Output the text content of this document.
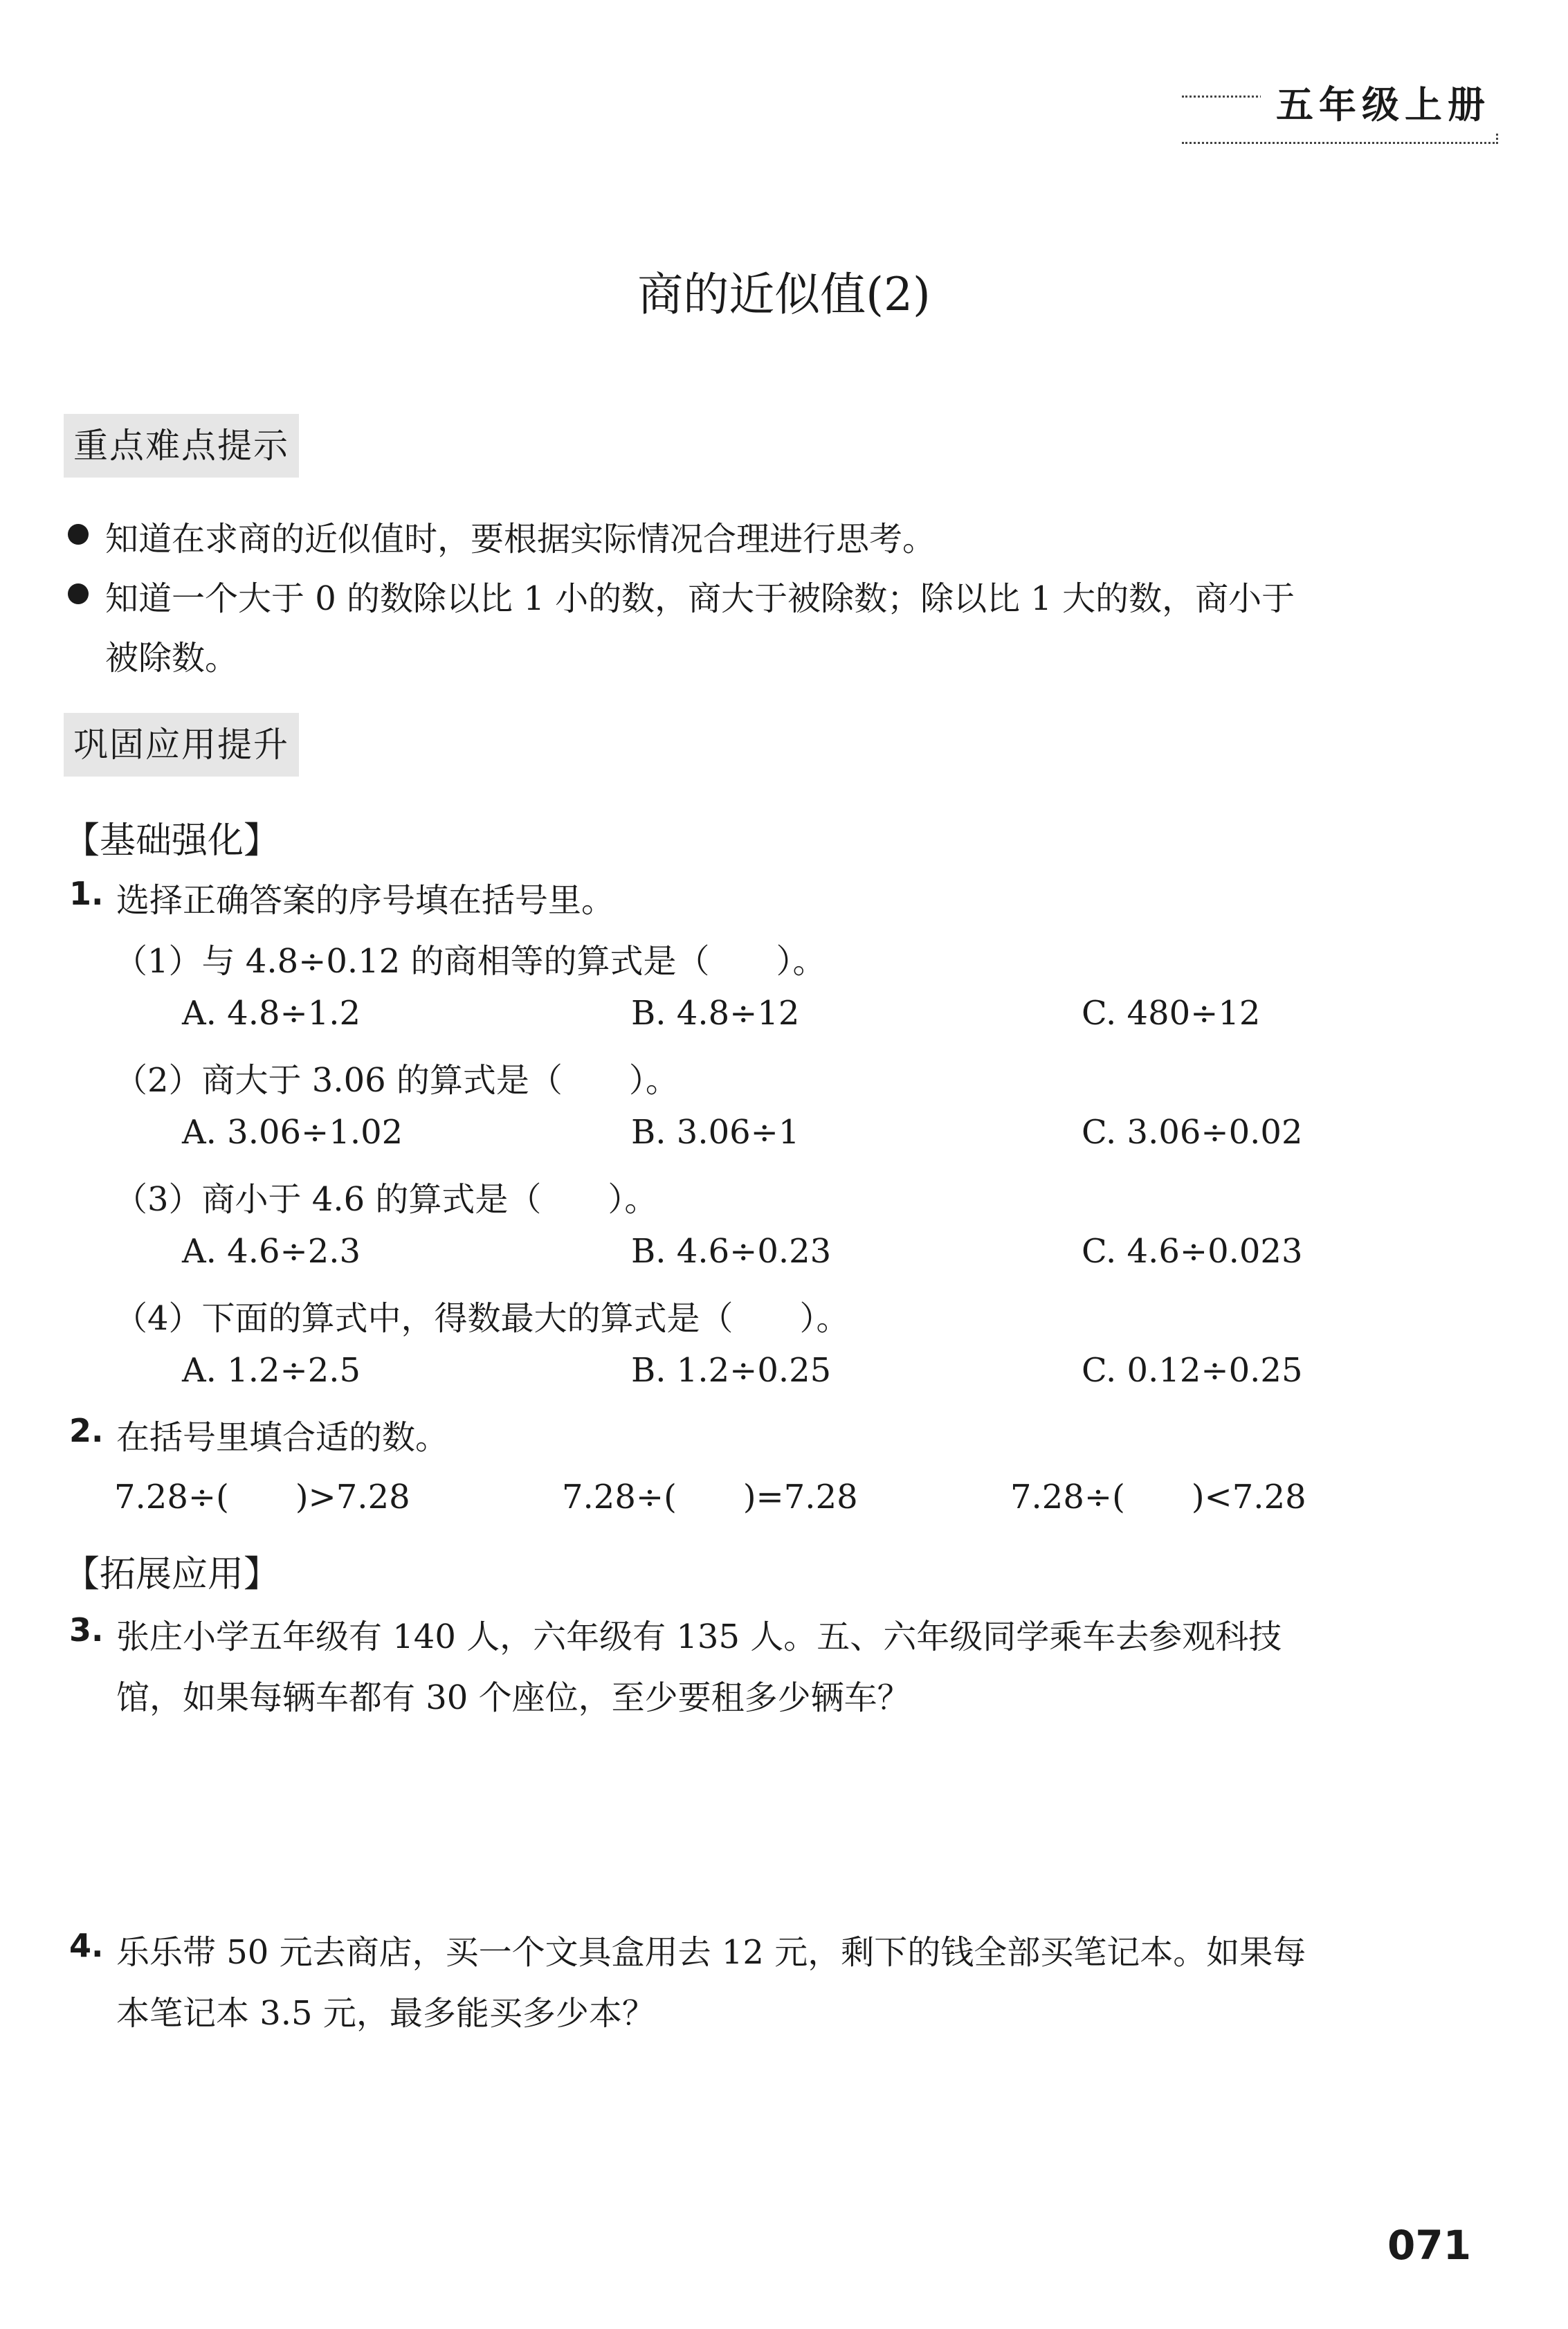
五年级上册
商的近似值(2)
重点难点提示
知道在求商的近似值时，要根据实际情况合理进行思考。
知道一个大于 0 的数除以比 1 小的数，商大于被除数；除以比 1 大的数，商小于
被除数。
巩固应用提升
【基础强化】
1. 选择正确答案的序号填在括号里。
（1）与 4.8÷0.12 的商相等的算式是（　　）。
A. 4.8÷1.2	B. 4.8÷12	C. 480÷12
（2）商大于 3.06 的算式是（　　）。
A. 3.06÷1.02	B. 3.06÷1	C. 3.06÷0.02
（3）商小于 4.6 的算式是（　　）。
A. 4.6÷2.3	B. 4.6÷0.23	C. 4.6÷0.023
（4）下面的算式中，得数最大的算式是（　　）。
A. 1.2÷2.5	B. 1.2÷0.25	C. 0.12÷0.25
2. 在括号里填合适的数。
7.28÷(　　)>7.28	7.28÷(　　)=7.28	7.28÷(　　)<7.28
【拓展应用】
3. 张庄小学五年级有 140 人，六年级有 135 人。五、六年级同学乘车去参观科技
馆，如果每辆车都有 30 个座位，至少要租多少辆车？
4. 乐乐带 50 元去商店，买一个文具盒用去 12 元，剩下的钱全部买笔记本。如果每
本笔记本 3.5 元，最多能买多少本？
071
